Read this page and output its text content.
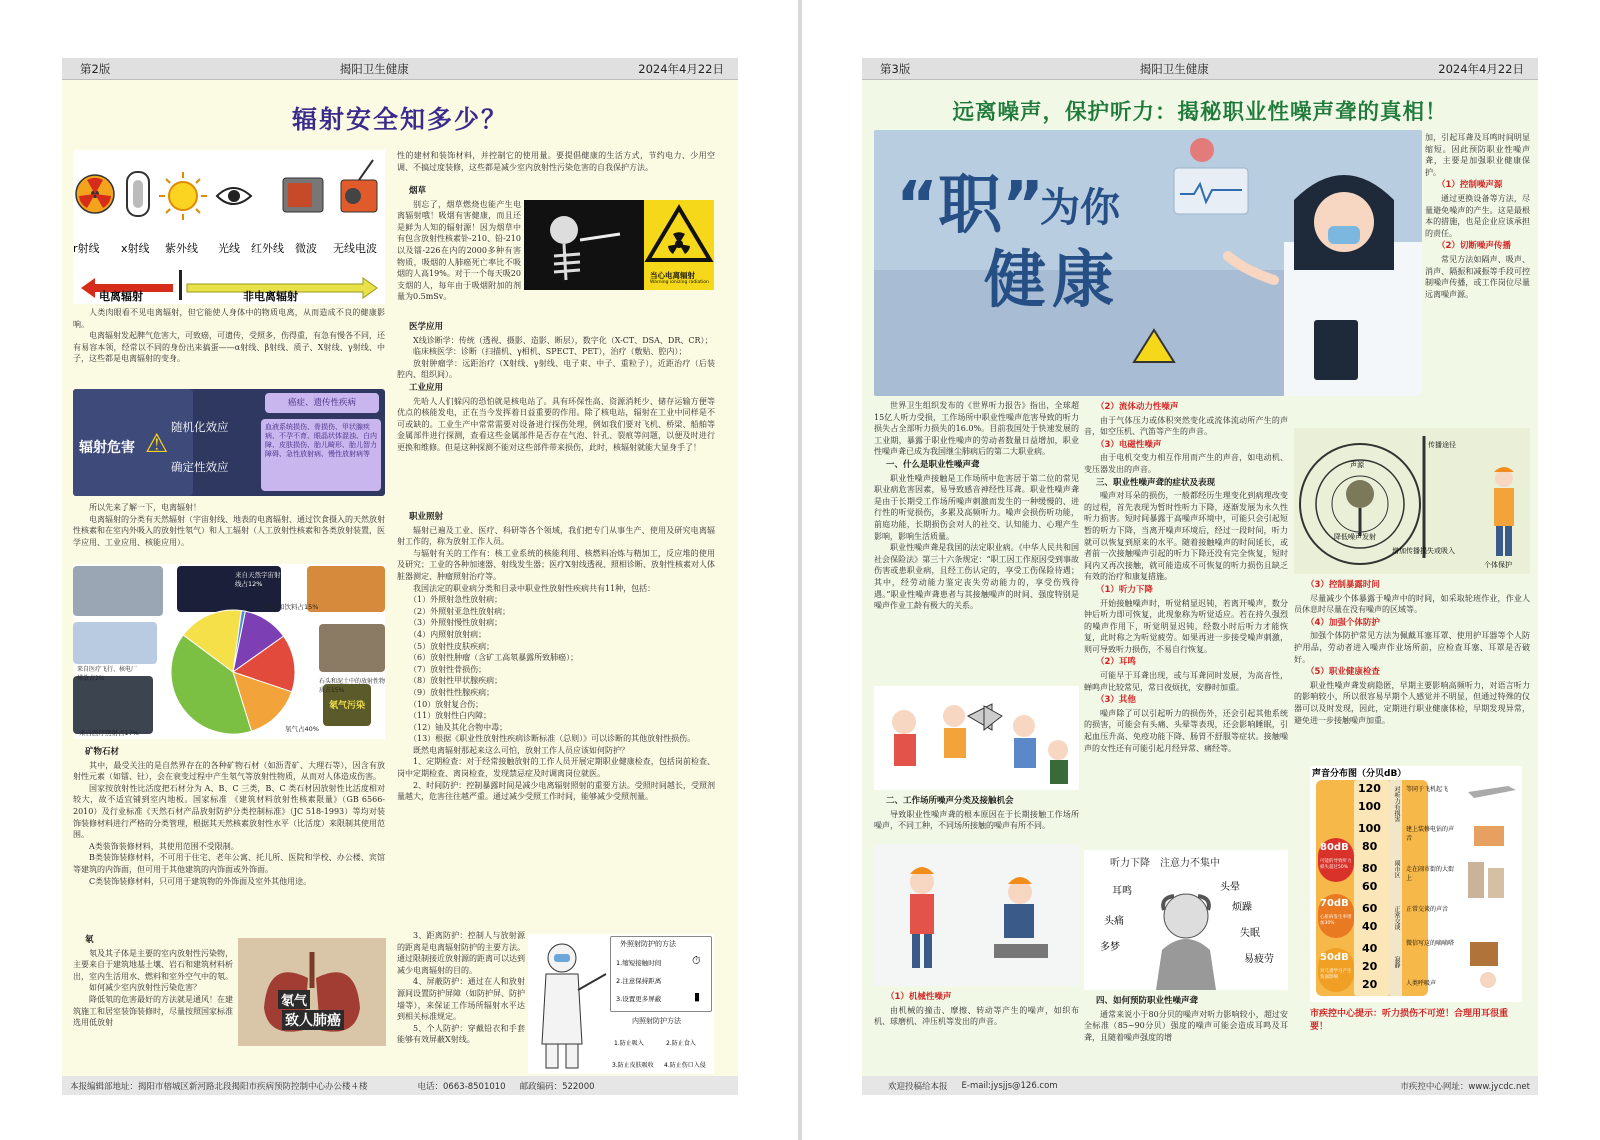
第2版	揭阳卫生健康	2024年4月22日
辐射安全知多少？
r射线 x射线 紫外线 光线 红外线 微波 无线电波
电离辐射	非电离辐射

人类肉眼看不见电离辐射，但它能使人身体中的物质电离，从而造成不良的健康影响。

电离辐射发起脾气危害大，可致癌，可遗传，受照多，伤得重，有急有慢各不同，还有易容本领，经常以不同的身份出来搞蛋——α射线、β射线、质子、X射线、γ射线、中子，这些都是电离辐射的变身。

辐射危害 ⚠
随机化效应
确定性效应
癌症、遗传性疾病
血液系统损伤、骨损伤、甲状腺疾病、不孕不育、眼晶状体混浊、白内障、皮肤损伤、胎儿畸形、胎儿智力障碍、急性放射病、慢性放射病等

所以先来了解一下，电离辐射！

电离辐射的分类有天然辐射（宇宙射线、地表的电离辐射、通过饮食摄入的天然放射性核素和在室内外吸入的放射性氡气）和人工辐射（人工放射性核素和各类放射装置，医学应用、工业应用、核能应用）。

来自天然宇宙射线占12%
食品和饮料占15%
石头和泥土中的放射性物质占15%
氡气占40%
来自医疗照射占17%
来自医疗飞行、核电厂排放占1%
氡气污染
矿物石材

其中，最受关注的是自然界存在的各种矿物石材（如沥青矿、大理石等），因含有放射性元素（如镭、钍），会在衰变过程中产生氡气等放射性物质，从而对人体造成伤害。

国家按放射性比活度把石材分为 A、B、C 三类，B、C 类石材因放射性比活度相对较大，故不适宜铺到室内地板。国家标准 《建筑材料放射性核素限量》（GB 6566-2010）及行业标准《天然石材产品放射防护分类控制标准》（JC 518-1993）等均对装饰装修材料进行严格的分类管理，根据其天然核素放射性水平（比活度）来限制其使用范围。

A类装饰装修材料，其使用范围不受限制。

B类装饰装修材料，不可用于住宅、老年公寓、托儿所、医院和学校、办公楼、宾馆等建筑的内饰面，但可用于其他建筑的内饰面或外饰面。

C类装饰装修材料，只可用于建筑物的外饰面及室外其他用途。

氡

氡及其子体是主要的室内放射性污染物，主要来自于建筑地基土壤、岩石和建筑材料析出，室内生活用水、燃料和室外空气中的氡。

如何减少室内放射性污染危害？

降低氡的危害最好的方法就是通风！在建筑施工和居室装饰装修时，尽量按照国家标准选用低放射

氡气
致人肺癌

性的建材和装饰材料，并控制它的使用量。要提倡健康的生活方式，节约电力、少用空调、不搞过度装修，这些都是减少室内放射性污染危害的自我保护方法。

烟草

别忘了，烟草燃烧也能产生电离辐射哦！吸烟有害健康，而且还是鲜为人知的辐射源！因为烟草中有包含放射性核素钋-210、铅-210以及镭-226在内的2000多种有害物质，吸烟的人肺癌死亡率比不吸烟的人高19%。对于一个每天吸20支烟的人，每年由于吸烟附加的剂量为0.5mSv。

当心电离辐射
Warning ionizing radiation
医学应用

X线诊断学：传统（透视、摄影、造影、断层），数字化（X-CT、DSA、DR、CR）；

临床核医学：诊断（扫描机、γ相机、SPECT、PET），治疗（敷贴、腔内）；

放射肿瘤学：远距治疗（X射线、γ射线、电子束、中子、重粒子），近距治疗（后装腔内、组织间）。

工业应用

先哈人人们躲闪的恐怕就是核电站了。具有环保性高、资源消耗少、储存运输方便等优点的核能发电，正在当今发挥着日益重要的作用。除了核电站，辐射在工业中同样是不可或缺的。工业生产中常常需要对设备进行探伤处理，例如我们要对飞机、桥梁、船舶等金属部件进行探测，查看这些金属部件是否存在气泡、针孔、裂痕等问题，以便及时进行更换和维修。但是这种探测不能对这些部件带来损伤，此时，核辐射就能大显身手了！

职业照射

辐射已遍及工业、医疗、科研等各个领域，我们把专门从事生产、使用及研究电离辐射工作的，称为放射工作人员。

与辐射有关的工作有：核工业系统的核能利用、核燃料冶炼与精加工，反应堆的使用及研究；工业的各种加速器、射线发生器；医疗X射线透视、照相诊断、放射性核素对人体脏器测定、肿瘤照射治疗等。

我国法定的职业病分类和目录中职业性放射性疾病共有11种，包括：

（1）外照射急性放射病；
（2）外照射亚急性放射病；
（3）外照射慢性放射病；
（4）内照射放射病；
（5）放射性皮肤疾病；
（6）放射性肿瘤（含矿工高氡暴露所致肺癌）；
（7）放射性骨损伤；
（8）放射性甲状腺疾病；
（9）放射性性腺疾病；
（10）放射复合伤；
（11）放射性白内障；
（12）铀及其化合物中毒；
（13）根据《职业性放射性疾病诊断标准（总则）》可以诊断的其他放射性损伤。

既然电离辐射那起来这么可怕，放射工作人员应该如何防护？

1、定期检查：对于经常接触放射的工作人员开展定期职业健康检查，包括岗前检查、岗中定期检查、离岗检查，发现禁忌症及时调离岗位就医。

2、时间防护：控制暴露时间是减少电离辐射照射的重要方法。受照时间越长，受照剂量越大，危害往往越严重。通过减少受照工作时间，能够减少受照剂量。

3、距离防护：控制人与放射源的距离是电离辐射防护的主要方法。通过限制接近放射源的距离可以达到减少电离辐射的目的。

4、屏蔽防护：通过在人和放射源间设置防护屏障（如防护屏、防护墙等），来保证工作场所辐射水平达到相关标准规定。

5、个人防护：穿戴铅衣和手套能够有效屏蔽X射线。

外照射防护的方法
1.缩短接触时间
2.注意保持距离
3.设置更多屏蔽
⏱
▮
内照射防护方法
1.防止吸入	2.防止食入
3.防止皮肤吸收 4.防止伤口入侵
本报编辑部地址：揭阳市榕城区新河路北段揭阳市疾病预防控制中心办公楼４楼	电话：0663-8501010 邮政编码：522000
第3版	揭阳卫生健康	2024年4月22日
远离噪声，保护听力：揭秘职业性噪声聋的真相！
“职”
为你
健康

世界卫生组织发布的《世界听力报告》指出，全球超15亿人听力受损，工作场所中职业性噪声危害导致的听力损失占全部听力损失的16.0%。目前我国处于快速发展的工业期，暴露于职业性噪声的劳动者数量日益增加，职业性噪声聋已成为我国继尘肺病后的第二大职业病。

一、什么是职业性噪声聋

职业性噪声接触是工作场所中危害居于第二位的常见职业病危害因素，易导致感音神经性耳聋。职业性噪声聋是由于长期受工作场所噪声刺激而发生的一种缓慢的、进行性的听觉损伤，多累及高频听力。噪声会损伤听功能，前庭功能，长期损伤会对人的社交、认知能力、心理产生影响，影响生活质量。

职业性噪声聋是我国的法定职业病。《中华人民共和国社会保险法》第三十六条规定：“职工因工作原因受到事故伤害或患职业病，且经工伤认定的，享受工伤保险待遇；其中，经劳动能力鉴定丧失劳动能力的，享受伤残待遇。”职业性噪声聋患者与其接触噪声的时间、强度特别是噪声作业工龄有极大的关系。

二、工作场所噪声分类及接触机会

导致职业性噪声聋的根本原因在于长期接触工作场所噪声，不同工种，不同场所接触的噪声有所不同。

（1）机械性噪声

由机械的撞击、摩擦、转动等产生的噪声，如织布机、球磨机、冲压机等发出的声音。

（2）流体动力性噪声

由于气体压力或体积突然变化或流体流动所产生的声音，如空压机、汽笛等产生的声音。

（3）电磁性噪声

由于电机交变力相互作用而产生的声音，如电动机、变压器发出的声音。

三、职业性噪声聋的症状及表现

噪声对耳朵的损伤，一般都经历生理变化到病理改变的过程，首先表现为暂时性听力下降，逐渐发展为永久性听力损害。短时间暴露于高噪声环境中，可能只会引起短暂的听力下降，当离开噪声环境后，经过一段时间，听力就可以恢复到原来的水平。随着接触噪声的时间延长，或者前一次接触噪声引起的听力下降还没有完全恢复，短时间内又再次接触，就可能造成不可恢复的听力损伤且缺乏有效的治疗和康复措施。

（1）听力下降

开始接触噪声时，听觉稍显迟钝，若离开噪声，数分钟后听力即可恢复，此现象称为听觉适应。若在持久强烈的噪声作用下，听觉明显迟钝，经数小时后听力才能恢复，此时称之为听觉疲劳。如果再进一步接受噪声刺激，则可导致听力损伤，不易自行恢复。

（2）耳鸣

可能早于耳聋出现，或与耳聋同时发展，为高音性，蝉鸣声比较常见，常日夜烦扰，安静时加重。

（3）其他

噪声除了可以引起听力的损伤外，还会引起其他系统的损害，可能会有头痛、头晕等表现，还会影响睡眠，引起血压升高、免疫功能下降、肠胃不舒服等症状。接触噪声的女性还有可能引起月经异常、痛经等。

听力下降　注意力不集中
耳鸣	头晕
烦躁
头痛
失眠
多梦
易疲劳
四、如何预防职业性噪声聋

通常来说小于80分贝的噪声对听力影响较小，超过安全标准（85~90分贝）强度的噪声可能会造成耳鸣及耳聋，且随着噪声强度的增

加，引起耳聋及耳鸣时间明显缩短。因此预防职业性噪声聋，主要是加强职业健康保护。

（1）控制噪声源

通过更换设备等方法，尽量避免噪声的产生。这是最根本的措施，也是企业应该承担的责任。

（2）切断噪声传播

常见方法如隔声、吸声、消声、隔振和减振等手段可控制噪声传播，或工作岗位尽量远离噪声源。

声源
传播途径
降低噪声发射
增加传播损失或吸入
个体保护
（3）控制暴露时间

尽量减少个体暴露于噪声中的时间，如采取轮班作业，作业人员休息时尽量在没有噪声的区域等。

（4）加强个体防护

加强个体防护常见方法为佩戴耳塞耳罩、使用护耳器等个人防护用品，劳动者进入噪声作业场所前，应检查耳塞、耳罩是否破好。

（5）职业健康检查

职业性噪声聋发病隐匿，早期主要影响高频听力，对语言听力的影响较小，所以很容易早期个人感觉并不明显，但通过特殊的仪器可以及时发现，因此，定期进行职业健康体检，早期发现异常，避免进一步接触噪声加重。

声音分布图（分贝dB）
120
100
100
80
80
60
60
40
40
20
20
80dB
可能的导致听力损失超过50%
70dB
心脏病发生率增加30%
50dB
对儿童学习产生负面影响
对听力有损害
闹市区
正常交谈
寂静
等同于飞机起飞
建上装修电钻的声音
走在闹市街的大街上
正常交谈的声音
微信写这的嘀嘀嗒
人类呼吸声
市疾控中心提示：听力损伤不可逆！合理用耳很重要！
欢迎投稿给本报 E-mail:jysjjs@126.com	市疾控中心网址：www.jycdc.net
